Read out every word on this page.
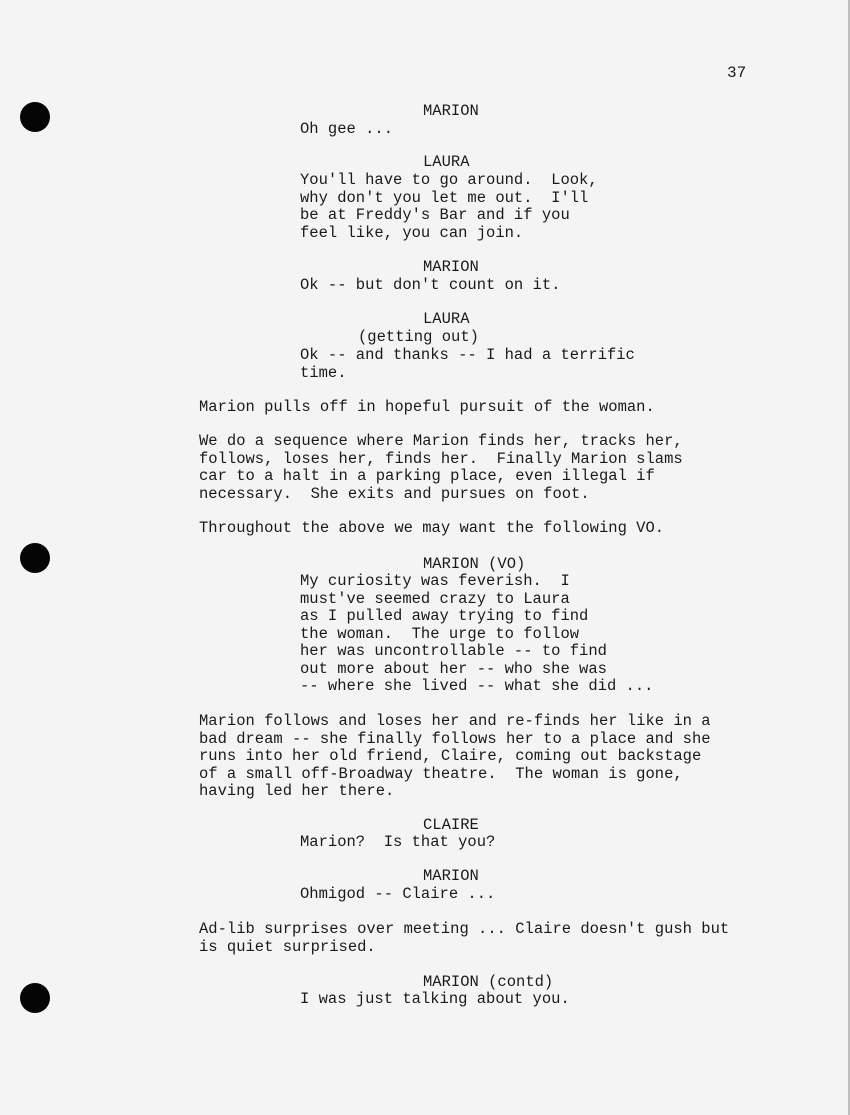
37
MARION
Oh gee ...
LAURA
You'll have to go around.  Look,
why don't you let me out.  I'll
be at Freddy's Bar and if you
feel like, you can join.
MARION
Ok -- but don't count on it.
LAURA
(getting out)
Ok -- and thanks -- I had a terrific
time.
Marion pulls off in hopeful pursuit of the woman.
We do a sequence where Marion finds her, tracks her,
follows, loses her, finds her.  Finally Marion slams
car to a halt in a parking place, even illegal if
necessary.  She exits and pursues on foot.
Throughout the above we may want the following VO.
MARION (VO)
My curiosity was feverish.  I
must've seemed crazy to Laura
as I pulled away trying to find
the woman.  The urge to follow
her was uncontrollable -- to find
out more about her -- who she was
-- where she lived -- what she did ...
Marion follows and loses her and re-finds her like in a
bad dream -- she finally follows her to a place and she
runs into her old friend, Claire, coming out backstage
of a small off-Broadway theatre.  The woman is gone,
having led her there.
CLAIRE
Marion?  Is that you?
MARION
Ohmigod -- Claire ...
Ad-lib surprises over meeting ... Claire doesn't gush but
is quiet surprised.
MARION (contd)
I was just talking about you.
